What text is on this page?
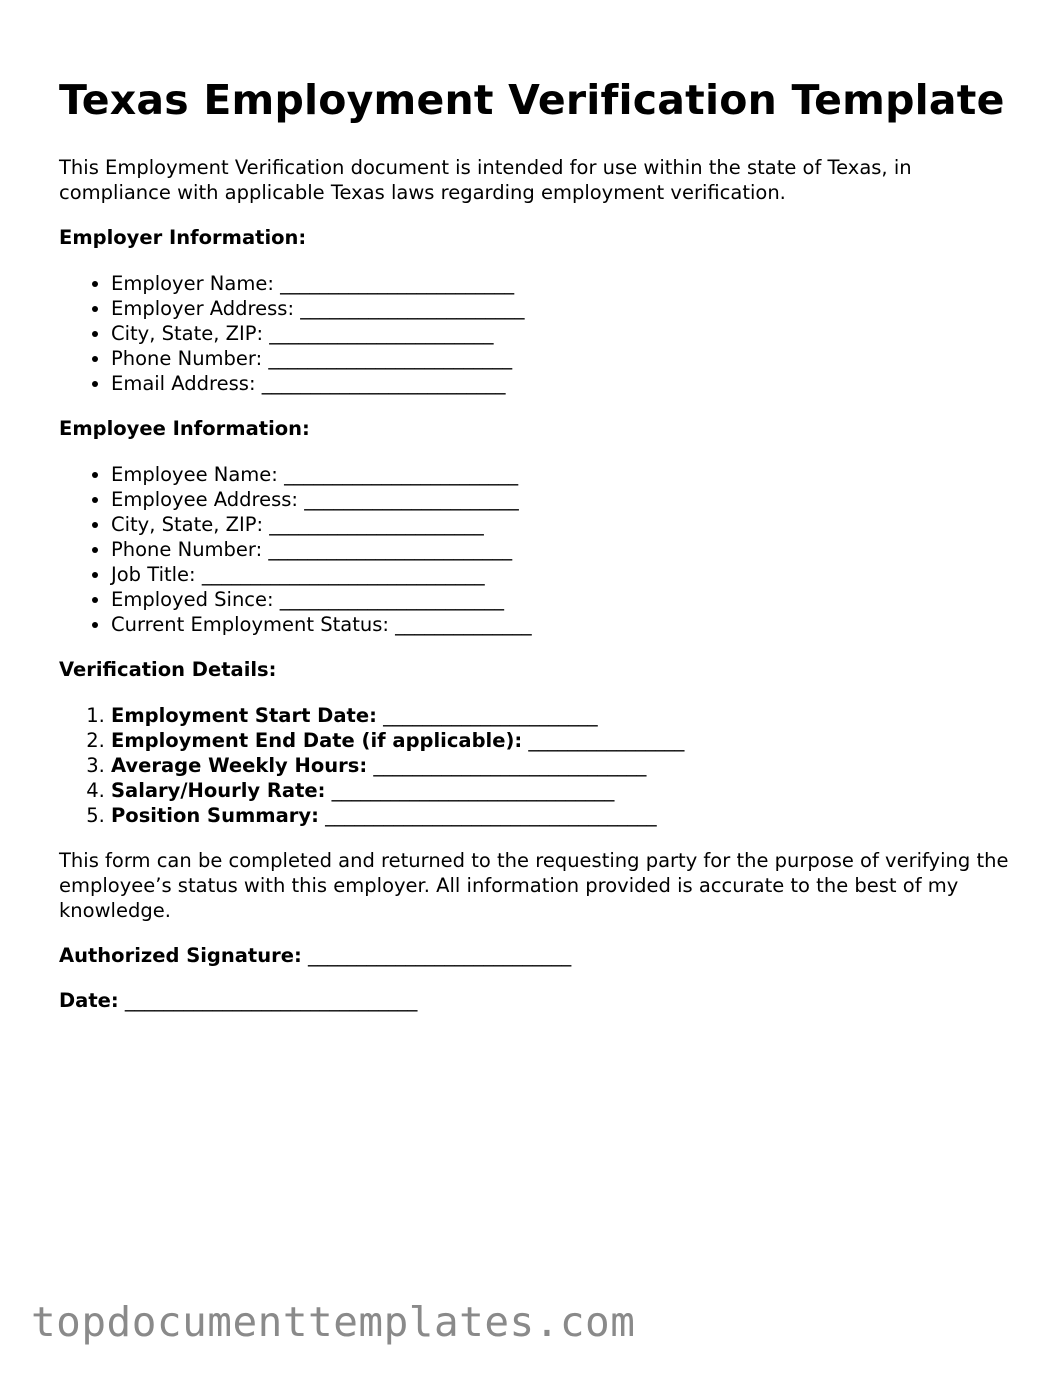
Texas Employment Verification Template

This Employment Verification document is intended for use within the state of Texas, in compliance with applicable Texas laws regarding employment verification.

Employer Information:

• Employer Name: ________________________
• Employer Address: _______________________
• City, State, ZIP: _______________________
• Phone Number: _________________________
• Email Address: _________________________

Employee Information:

• Employee Name: ________________________
• Employee Address: ______________________
• City, State, ZIP: ______________________
• Phone Number: _________________________
• Job Title: _____________________________
• Employed Since: _______________________
• Current Employment Status: ______________

Verification Details:

1. Employment Start Date: ______________________
2. Employment End Date (if applicable): ________________
3. Average Weekly Hours: ____________________________
4. Salary/Hourly Rate: _____________________________
5. Position Summary: __________________________________

This form can be completed and returned to the requesting party for the purpose of verifying the employee’s status with this employer. All information provided is accurate to the best of my knowledge.

Authorized Signature: ___________________________

Date: ______________________________

topdocumenttemplates.com
